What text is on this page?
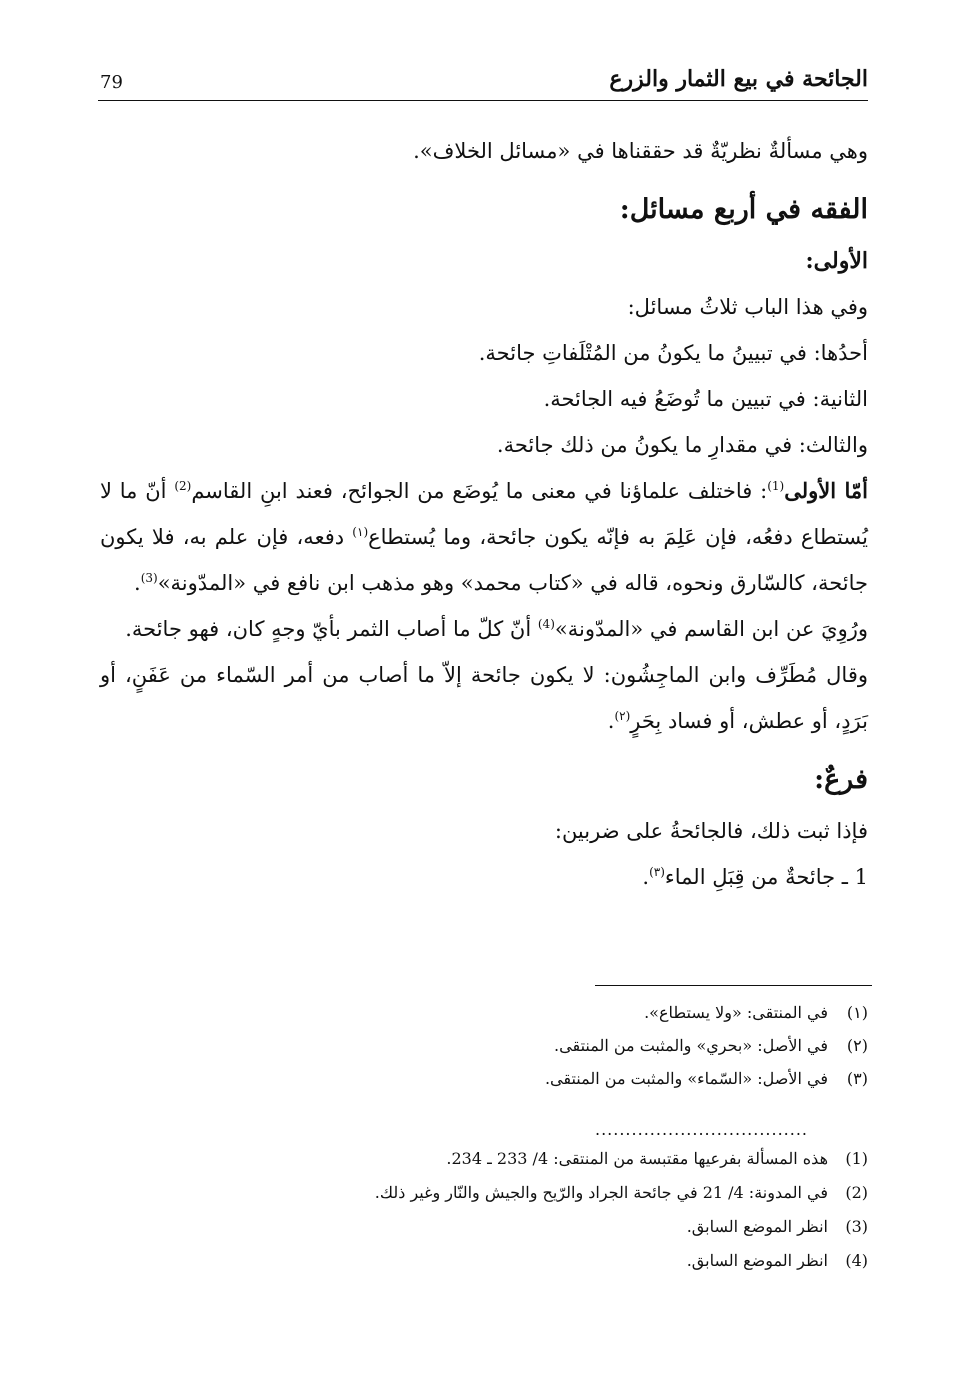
79	الجائحة في بيع الثمار والزرع

وهي مسألةٌ نظريّةٌ قد حققناها في «مسائل الخلاف».

الفقه في أربع مسائل:

الأولى:

وفي هذا الباب ثلاثُ مسائل:

أحدُها: في تبيينُ ما يكونُ من المُتْلَفاتِ جائحة.

الثانية: في تبيين ما تُوضَعُ فيه الجائحة.

والثالث: في مقدارِ ما يكونُ من ذلك جائحة.

أمّا الأولى$^{(1)}$: فاختلف علماؤنا في معنى ما يُوضَع من الجوائح، فعند ابنِ القاسم$^{(2)}$ أنّ ما لا يُستطاع دفعُه، فإن عَلِمَ به فإنّه يكون جائحة، وما يُستطاع$^{(١)}$ دفعه، فإن علم به، فلا يكون جائحة، كالسّارق ونحوه، قاله في «كتاب محمد» وهو مذهب ابن نافع في «المدّونة»$^{(3)}$.

ورُوِيَ عن ابن القاسم في «المدّونة»$^{(4)}$ أنّ كلّ ما أصاب الثمر بأيّ وجهٍ كان، فهو جائحة.

وقال مُطَرِّف وابن الماجِشُون: لا يكون جائحة إلاّ ما أصاب من أمر السّماء من عَفَنٍ، أو بَرَدٍ، أو عطش، أو فساد بِحَرٍ$^{(٢)}$.

فرعٌ:

فإذا ثبت ذلك، فالجائحةُ على ضربين:

1 ـ جائحةٌ من قِبَلِ الماء$^{(٣)}$.

(١)في المنتقى: «ولا يستطاع».
(٢)في الأصل: «بحري» والمثبت من المنتقى.
(٣)في الأصل: «السّماء» والمثبت من المنتقى.
...................................
(1)هذه المسألة بفرعيها مقتبسة من المنتقى: 4/ 233 ـ 234.
(2)في المدونة: 4/ 21 في جائحة الجراد والرّيح والجيش والنّار وغير ذلك.
(3)انظر الموضع السابق.
(4)انظر الموضع السابق.
